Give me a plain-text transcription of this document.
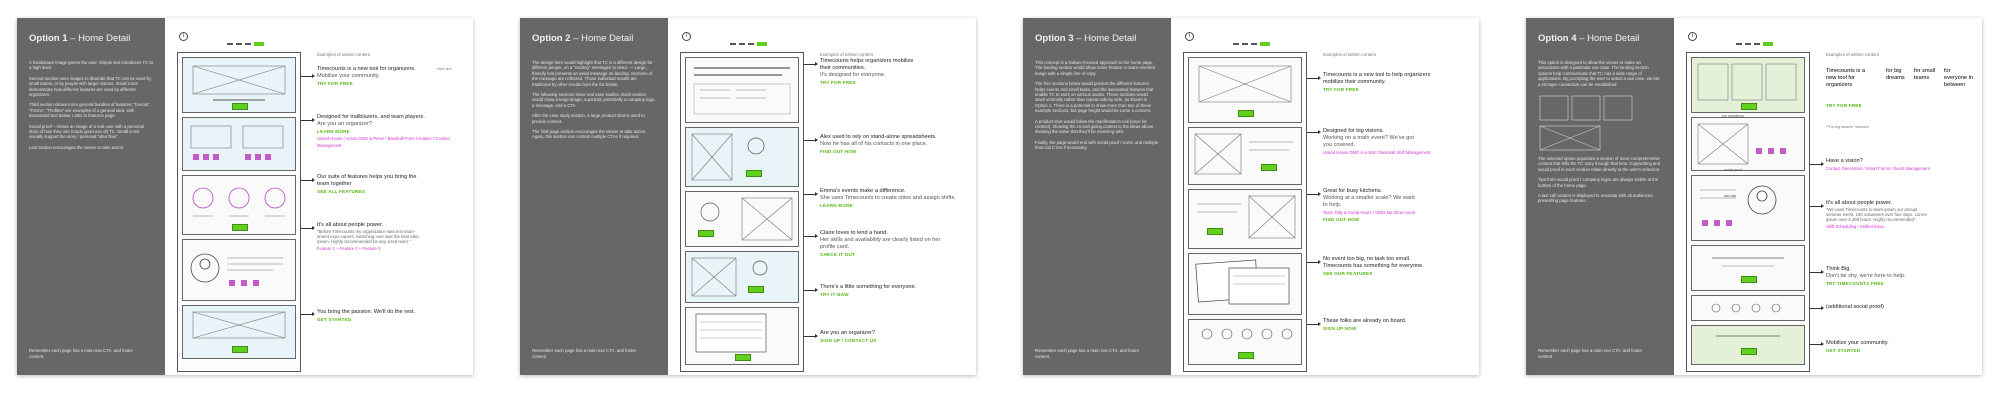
Option 1 – Home Detail

A handdrawn image greets the user. Simple text introduces TC at a high level.

Second section uses images to illustrate that TC can be used by small teams, or by people with larger visions. Small icons demonstrate how different features are used by different organizers.

Third section shows more general bundles of features: "Events", "Forms", "Profiles" are examples of a general idea, with associated text below. Links to features page.

Social proof – shows an image of a real user with a personal story of how they use (made good use of) TC. Small icons visually support the story / personal "idea flow".

Last section encourages the viewer to take action.

Remember each page has a main nav CTA, and footer content.
t
Examples of written content
Timecounts is a new tool for organizers.
Mobilize your community.
TRY FOR FREE
Hero text
Designed for trailblazers, and team players.
Are you an organizer?
LEARN MORE
United House / Action DMG & Perez / Baseball Form Creation / Contact Management
Our suite of features helps you bring the
team together
SEE ALL FEATURES
It's all about people power.
"Before Timecounts my organization was text tourn-
ament expo capers. Switching over was the best idea.
Ipsum. Highly recommended for any sized team."
Feature 1 + Feature 2 + Feature 3
You bring the passion. We'll do the rest.
GET STARTED
Option 2 – Home Detail

The design here would highlight that TC is a different design for different people, on a "nesting" messages to need. — Large, friendly font presents an initial message on landing. Sections of the message are collected. Those individual results are traditional by other results from the list below.

The following sections show real case studies. Each section would show a large image, a portrait, potentially a company logo, a message, and a CTA.

After the case study section, a large product shot is used to provide context.

The final page section encourages the viewer to take action. Again, this section can contain multiple CTAs if required.

Remember each page has a main nav CTA, and footer content.
t
Examples of written content
Timecounts helps organizers mobilize
their communities.
It's designed for everyone.
TRY FOR FREE
Alex used to rely on stand-alone spreadsheets.
Now he has all of his contacts in one place.
FIND OUT HOW
Emma's events make a difference.
She uses Timecounts to create cities and assign shifts.
LEARN MORE
Claire loves to lend a hand.
Her skills and availability are clearly listed on her
profile card.
CHECK IT OUT
There's a little something for everyone.
TRY IT NOW
Are you an organizer?
SIGN UP / CONTACT US
Option 3 – Home Detail

This concept is a feature-focused approach to the home page. The landing section would show some feature or team-oriented image with a simple line of copy.

The four sections below would present the different features helps events and small tasks, and the associated features that enable TC to work on various scales. These sections would stack vertically rather than repeat side by side, as shown in Option 1. There is a potential to show more than two of these example sections, but page height would be come a concern.

A product shot would follow the manifestation call (once for context), showing the UI and giving context to the ideas above, showing the value that they'll be receiving with.

Finally, the page would end with social proof / icons, and multiple final-call CTAs if necessary.

Remember each page has a main nav CTA, and footer content.
t
Examples of written content
Timecounts is a new tool to help organizers
mobilize their community.
TRY FOR FREE
Designed for big visions.
Working on a main event? We've got
you covered.
United House DMG in a Bolt / Baseball Shift Management
Great for busy kitchens.
Working at a smaller scale? We want
to help.
Team Tally & Social Hours / Shifts No Show count
FIND OUT HOW
No event too big, no task too small.
Timecounts has something for everyone.
SEE OUR FEATURES
These folks are already on board.
SIGN UP NOW
Option 4 – Home Detail

This option is designed to allow the viewer to make an association with a particular use case. The landing section options help communicate that TC has a wide range of applications. By prompting the user to select a use case, we bet a stronger connection can be established.

The selected option populates a section of more comprehensive content that tells the TC story through that lens. Copywriting and social proof in each section relate directly to the user's selection.

Tips from social proof / company logos are always visible at the bottom of the home page.

A last call section is displayed to resonate with all audiences, presenting page features.

Remember each page has a main nav CTA, and footer content.
t
Examples of written content
Timecounts is a new tool for organizers
for big dreams
for small teams
for everyone in between
TRY FOR FREE
**For big dreams" selected
top selections
Have a vision?
Contact Generation / Smart Forms / Event Management
social proof
It's all about people power.
"We used Timecounts to team ipsum our annual
summer event. 150 volunteers over four days. Lorem
ipsum over 2,400 hours. Highly recommended"
Shift Scheduling / Unified Inbox
last call
Think Big.
Don't be shy, we're here to help.
TRY TIMECOUNTS FREE
(additional social proof)
Mobilize your community.
GET STARTED
